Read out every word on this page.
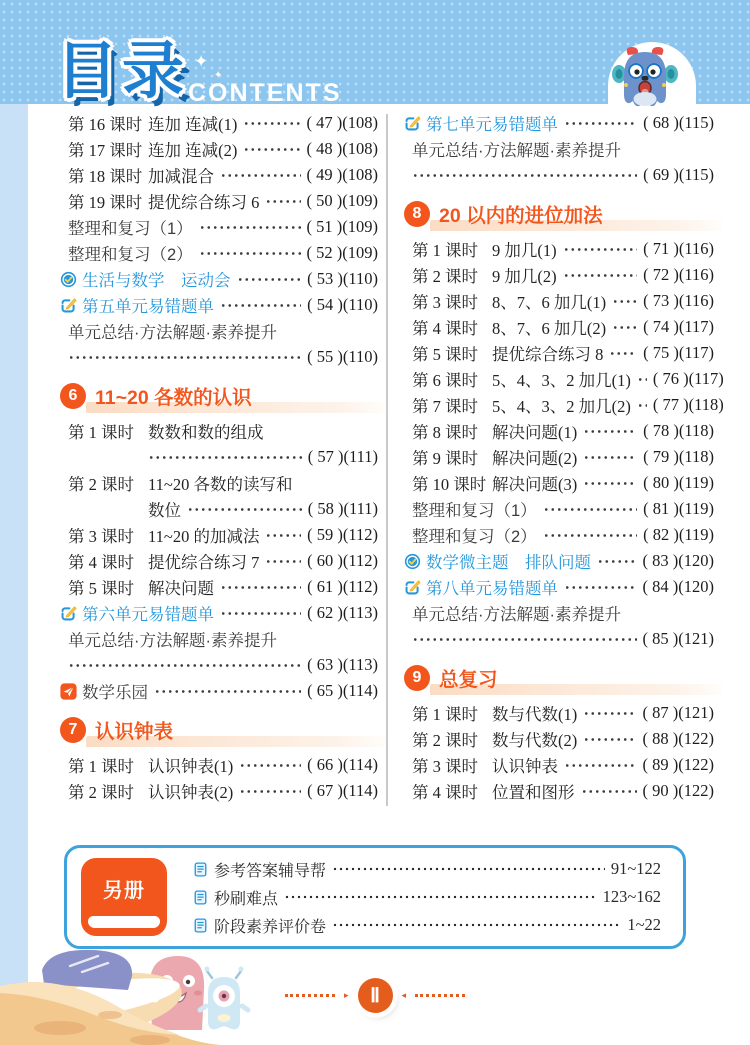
目录 ✦
✦
CONTENTS
第 16 课时 连加 连减(1)	( 47 )(108)
第 17 课时 连加 连减(2)	( 48 )(108)
第 18 课时 加减混合	( 49 )(108)
第 19 课时 提优综合练习 6	( 50 )(109)
整理和复习（1）	( 51 )(109)
整理和复习（2）	( 52 )(109)
生活与数学　运动会	( 53 )(110)
第五单元易错题单	( 54 )(110)
单元总结·方法解题·素养提升
( 55 )(110)
6 11~20 各数的认识
第 1 课时 数数和数的组成
( 57 )(111)
第 2 课时 11~20 各数的读写和
数位	( 58 )(111)
第 3 课时 11~20 的加减法	( 59 )(112)
第 4 课时 提优综合练习 7	( 60 )(112)
第 5 课时 解决问题	( 61 )(112)
第六单元易错题单	( 62 )(113)
单元总结·方法解题·素养提升
( 63 )(113)
数学乐园	( 65 )(114)
7 认识钟表
第 1 课时 认识钟表(1)	( 66 )(114)
第 2 课时 认识钟表(2)	( 67 )(114)
第七单元易错题单	( 68 )(115)
单元总结·方法解题·素养提升
( 69 )(115)
8 20 以内的进位加法
第 1 课时 9 加几(1)	( 71 )(116)
第 2 课时 9 加几(2)	( 72 )(116)
第 3 课时 8、7、6 加几(1) ( 73 )(116)
第 4 课时 8、7、6 加几(2) ( 74 )(117)
第 5 课时 提优综合练习 8 ( 75 )(117)
第 6 课时 5、4、3、2 加几(1) ( 76 )(117)
第 7 课时 5、4、3、2 加几(2) ( 77 )(118)
第 8 课时 解决问题(1)	( 78 )(118)
第 9 课时 解决问题(2)	( 79 )(118)
第 10 课时 解决问题(3)	( 80 )(119)
整理和复习（1）	( 81 )(119)
整理和复习（2）	( 82 )(119)
数学微主题　排队问题	( 83 )(120)
第八单元易错题单	( 84 )(120)
单元总结·方法解题·素养提升
( 85 )(121)
9 总复习
第 1 课时 数与代数(1)	( 87 )(121)
第 2 课时 数与代数(2)	( 88 )(122)
第 3 课时 认识钟表	( 89 )(122)
第 4 课时 位置和图形	( 90 )(122)
另册
参考答案辅导帮	91~122
秒刷难点	123~162
阶段素养评价卷	1~22
▸	Ⅱ	◂
